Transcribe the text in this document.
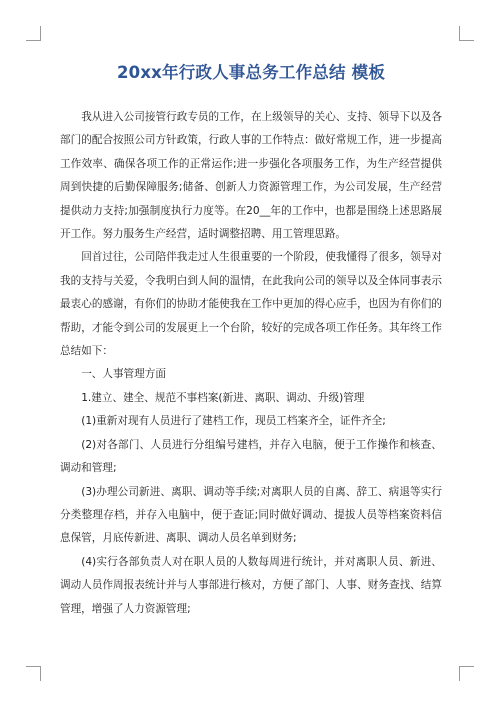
20xx年行政人事总务工作总结 模板

我从进入公司接管行政专员的工作，在上级领导的关心、支持、领导下以及各部门的配合按照公司方针政策，行政人事的工作特点：做好常规工作，进一步提高工作效率、确保各项工作的正常运作;进一步强化各项服务工作，为生产经营提供周到快捷的后勤保障服务;储备、创新人力资源管理工作，为公司发展，生产经营提供动力支持;加强制度执行力度等。在20__年的工作中，也都是围绕上述思路展开工作。努力服务生产经营，适时调整招聘、用工管理思路。

回首过往，公司陪伴我走过人生很重要的一个阶段，使我懂得了很多，领导对我的支持与关爱，令我明白到人间的温情，在此我向公司的领导以及全体同事表示最衷心的感谢，有你们的协助才能使我在工作中更加的得心应手，也因为有你们的帮助，才能令到公司的发展更上一个台阶，较好的完成各项工作任务。其年终工作总结如下：

一、人事管理方面

1.建立、建全、规范不事档案(新进、离职、调动、升级)管理

(1)重新对现有人员进行了建档工作，现员工档案齐全，证件齐全;

(2)对各部门、人员进行分组编号建档，并存入电脑，便于工作操作和核查、调动和管理;

(3)办理公司新进、离职、调动等手续;对离职人员的自离、辞工、病退等实行分类整理存档，并存入电脑中，便于查证;同时做好调动、提拔人员等档案资料信息保管，月底传新进、离职、调动人员名单到财务;

(4)实行各部负责人对在职人员的人数每周进行统计，并对离职人员、新进、调动人员作周报表统计并与人事部进行核对，方便了部门、人事、财务查找、结算管理，增强了人力资源管理;
